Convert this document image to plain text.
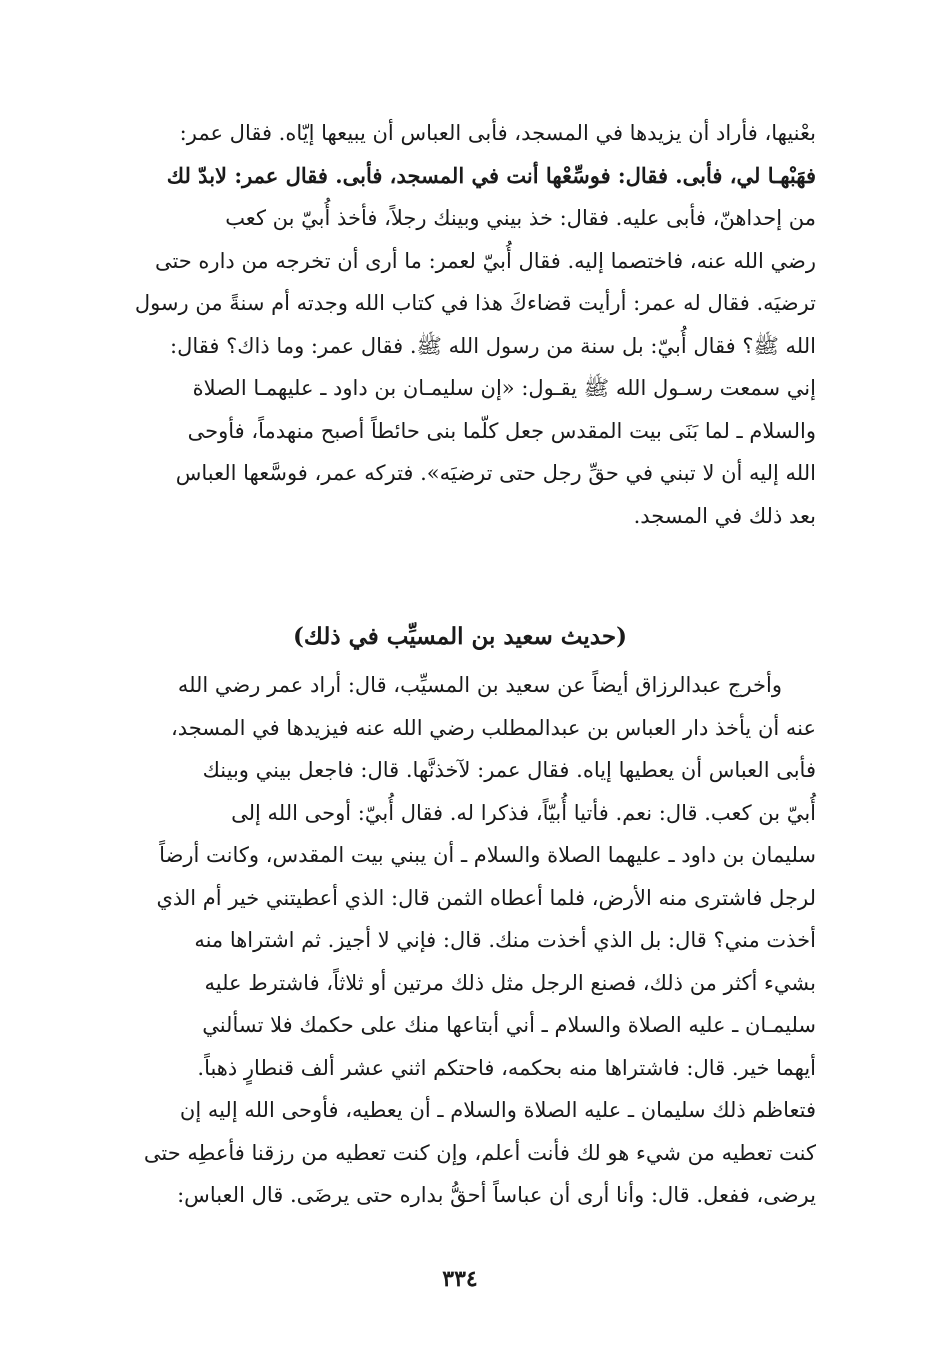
بعْنيها، فأراد أن يزيدها في المسجد، فأبى العباس أن يبيعها إيّاه. فقال عمر:

فهَبْهـا لي، فأبى. فقال: فوسِّعْها أنت في المسجد، فأبى. فقال عمر: لابدّ لك

من إحداهنّ، فأبى عليه. فقال: خذ بيني وبينك رجلاً، فأخذ أُبيّ بن كعب

رضي الله عنه، فاختصما إليه. فقال أُبيّ لعمر: ما أرى أن تخرجه من داره حتى

ترضيَه. فقال له عمر: أرأيت قضاءكَ هذا في كتاب الله وجدته أم سنةً من رسول

الله ﷺ؟ فقال أُبيّ: بل سنة من رسول الله ﷺ. فقال عمر: وما ذاك؟ فقال:

إني سمعت رسـول الله ﷺ يقـول: «إن سليمـان بن داود ـ عليهمـا الصلاة

والسلام ـ لما بَنَى بيت المقدس جعل كلّما بنى حائطاً أصبح منهدماً، فأوحى

الله إليه أن لا تبني في حقِّ رجل حتى ترضيَه». فتركه عمر، فوسَّعها العباس

بعد ذلك في المسجد.

(حديث سعيد بن المسيِّب في ذلك)

وأخرج عبدالرزاق أيضاً عن سعيد بن المسيِّب، قال: أراد عمر رضي الله

عنه أن يأخذ دار العباس بن عبدالمطلب رضي الله عنه فيزيدها في المسجد،

فأبى العباس أن يعطيها إياه. فقال عمر: لآخذنَّها. قال: فاجعل بيني وبينك

أُبيّ بن كعب. قال: نعم. فأتيا أُبيّاً، فذكرا له. فقال أُبيّ: أوحى الله إلى

سليمان بن داود ـ عليهما الصلاة والسلام ـ أن يبني بيت المقدس، وكانت أرضاً

لرجل فاشترى منه الأرض، فلما أعطاه الثمن قال: الذي أعطيتني خير أم الذي

أخذت مني؟ قال: بل الذي أخذت منك. قال: فإني لا أجيز. ثم اشتراها منه

بشيء أكثر من ذلك، فصنع الرجل مثل ذلك مرتين أو ثلاثاً، فاشترط عليه

سليمـان ـ عليه الصلاة والسلام ـ أني أبتاعها منك على حكمك فلا تسألني

أيهما خير. قال: فاشتراها منه بحكمه، فاحتكم اثني عشر ألف قنطارٍ ذهباً.

فتعاظم ذلك سليمان ـ عليه الصلاة والسلام ـ أن يعطيه، فأوحى الله إليه إن

كنت تعطيه من شيء هو لك فأنت أعلم، وإن كنت تعطيه من رزقنا فأعطِه حتى

يرضى، ففعل. قال: وأنا أرى أن عباساً أحقُّ بداره حتى يرضَى. قال العباس:

٣٣٤
